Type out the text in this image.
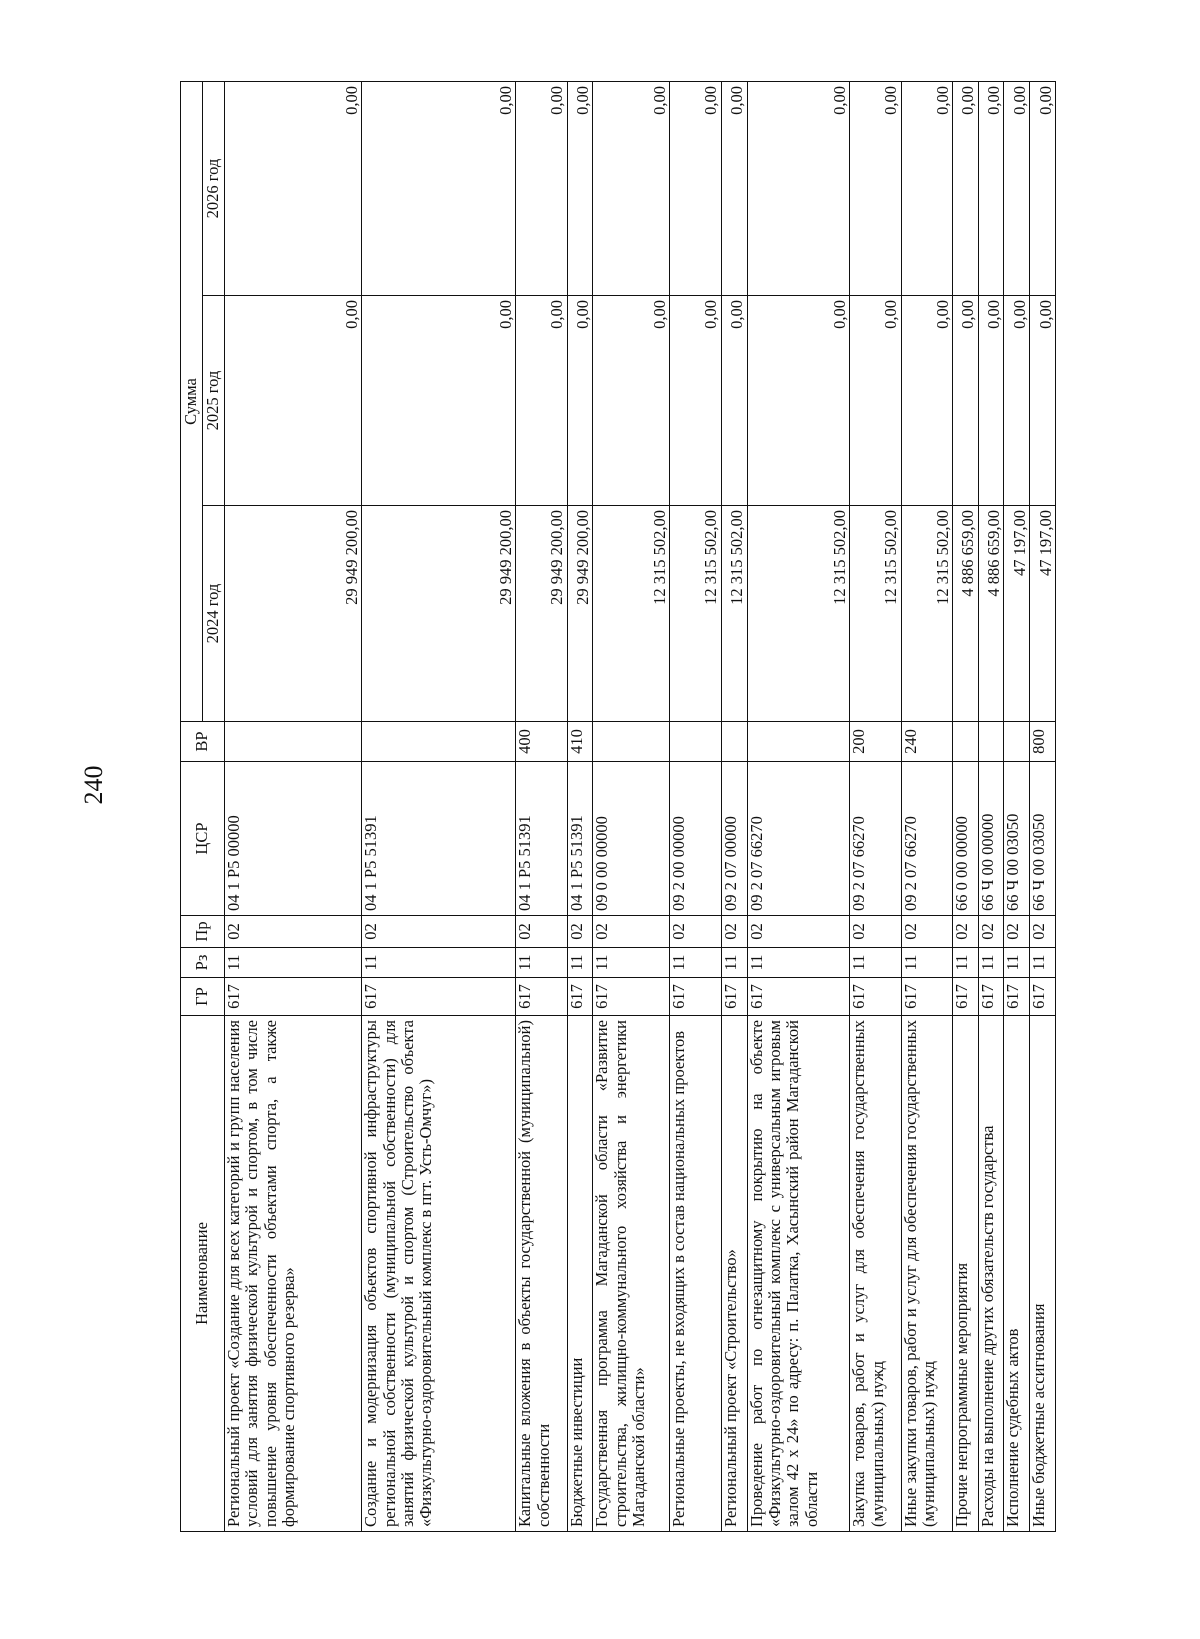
240
Наименование	ГР	Рз	Пр	ЦСР	ВР	Сумма		
						2024 год	2025 год	2026 год
Региональный проект «Создание для всех категорий и групп населения условий для занятия физической культурой и спортом, в том числе повышение уровня обеспеченности объектами спорта, а также формирование спортивного резерва»	617	11	02	04 1 P5 00000		29 949 200,00	0,00	0,00
Создание и модернизация объектов спортивной инфраструктуры региональной собственности (муниципальной собственности) для занятий физической культурой и спортом (Строительство объекта «Физкультурно-оздоровительный комплекс в пгт. Усть-Омчуг»)	617	11	02	04 1 P5 51391		29 949 200,00	0,00	0,00
Капитальные вложения в объекты государственной (муниципальной) собственности	617	11	02	04 1 P5 51391	400	29 949 200,00	0,00	0,00
Бюджетные инвестиции	617	11	02	04 1 P5 51391	410	29 949 200,00	0,00	0,00
Государственная программа Магаданской области «Развитие строительства, жилищно-коммунального хозяйства и энергетики Магаданской области»	617	11	02	09 0 00 00000		12 315 502,00	0,00	0,00
Региональные проекты, не входящих в состав национальных проектов	617	11	02	09 2 00 00000		12 315 502,00	0,00	0,00
Региональный проект «Строительство»	617	11	02	09 2 07 00000		12 315 502,00	0,00	0,00
Проведение работ по огнезащитному покрытию на объекте «Физкультурно-оздоровительный комплекс с универсальным игровым залом 42 х 24» по адресу: п. Палатка, Хасынский район Магаданской области	617	11	02	09 2 07 66270		12 315 502,00	0,00	0,00
Закупка товаров, работ и услуг для обеспечения государственных (муниципальных) нужд	617	11	02	09 2 07 66270	200	12 315 502,00	0,00	0,00
Иные закупки товаров, работ и услуг для обеспечения государственных (муниципальных) нужд	617	11	02	09 2 07 66270	240	12 315 502,00	0,00	0,00
Прочие непрограммные мероприятия	617	11	02	66 0 00 00000		4 886 659,00	0,00	0,00
Расходы на выполнение других обязательств государства	617	11	02	66 Ч 00 00000		4 886 659,00	0,00	0,00
Исполнение судебных актов	617	11	02	66 Ч 00 03050		47 197,00	0,00	0,00
Иные бюджетные ассигнования	617	11	02	66 Ч 00 03050	800	47 197,00	0,00	0,00
